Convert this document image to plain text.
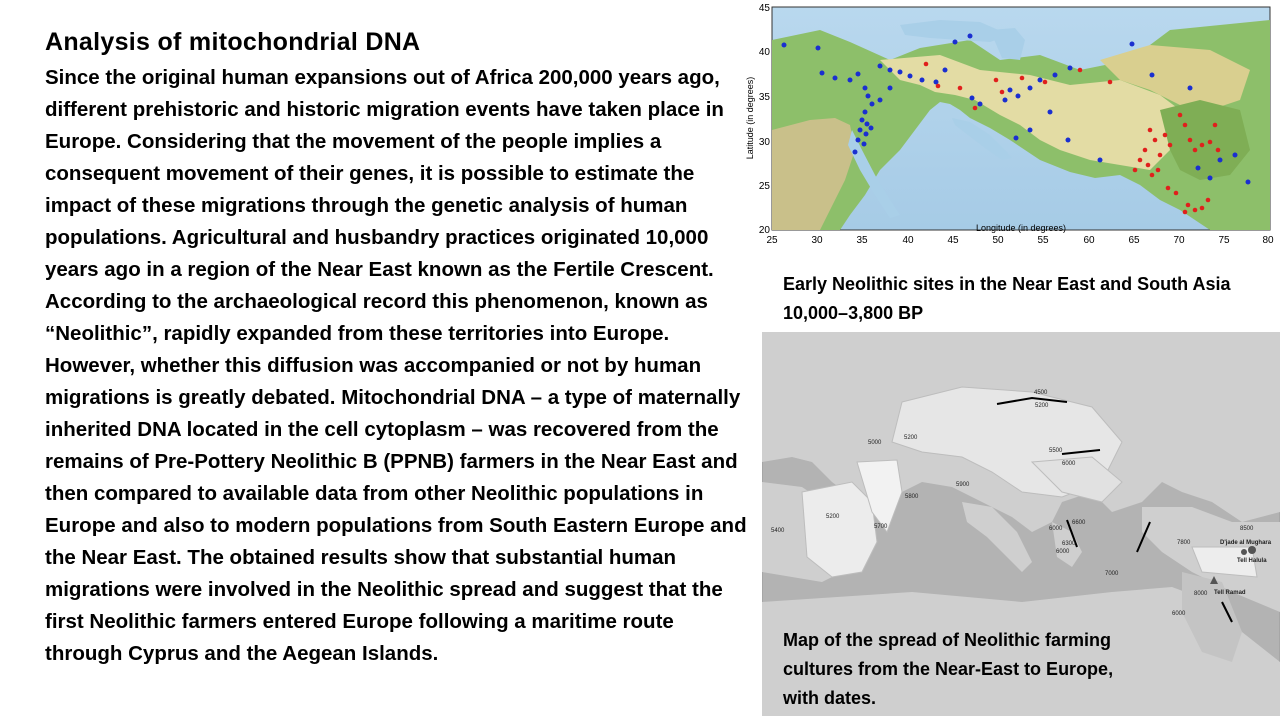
Analysis of mitochondrial DNA
Since the original human expansions out of Africa 200,000 years ago, different prehistoric and historic migration events have taken place in Europe. Considering that the movement of the people implies a consequent movement of their genes, it is possible to estimate the impact of these migrations through the genetic analysis of human populations. Agricultural and husbandry practices originated 10,000 years ago in a region of the Near East known as the Fertile Crescent. According to the archaeological record this phenomenon, known as “Neolithic”, rapidly expanded from these territories into Europe. However, whether this diffusion was accompanied or not by human migrations is greatly debated. Mitochondrial DNA – a type of maternally inherited DNA located in the cell cytoplasm – was recovered from the remains of Pre-Pottery Neolithic B (PPNB) farmers in the Near East and then compared to available data from other Neolithic populations in Europe and also to modern populations from South Eastern Europe and the Near East. The obtained results show that substantial human migrations were involved in the Neolithic spread and suggest that the first Neolithic farmers entered Europe following a maritime route through Cyprus and the Aegean Islands.
25	30	35	40	45	50	55	60	65	70	75	80
45
40
35
30
25
20	Longitude (in degrees)
Latitude (in degrees)
Early Neolithic sites in the Near East and South Asia 10,000–3,800 BP
4500
5200
5000
5200
5500
6000
5900
5800
5200
5700
5400	6000
6600
6300
6000
7800
8500
7000
8000
6000
D'jade al Mughara
Tell Halula
Tell Ramad
Map of the spread of Neolithic farming cultures from the Near-East to Europe, with dates.
